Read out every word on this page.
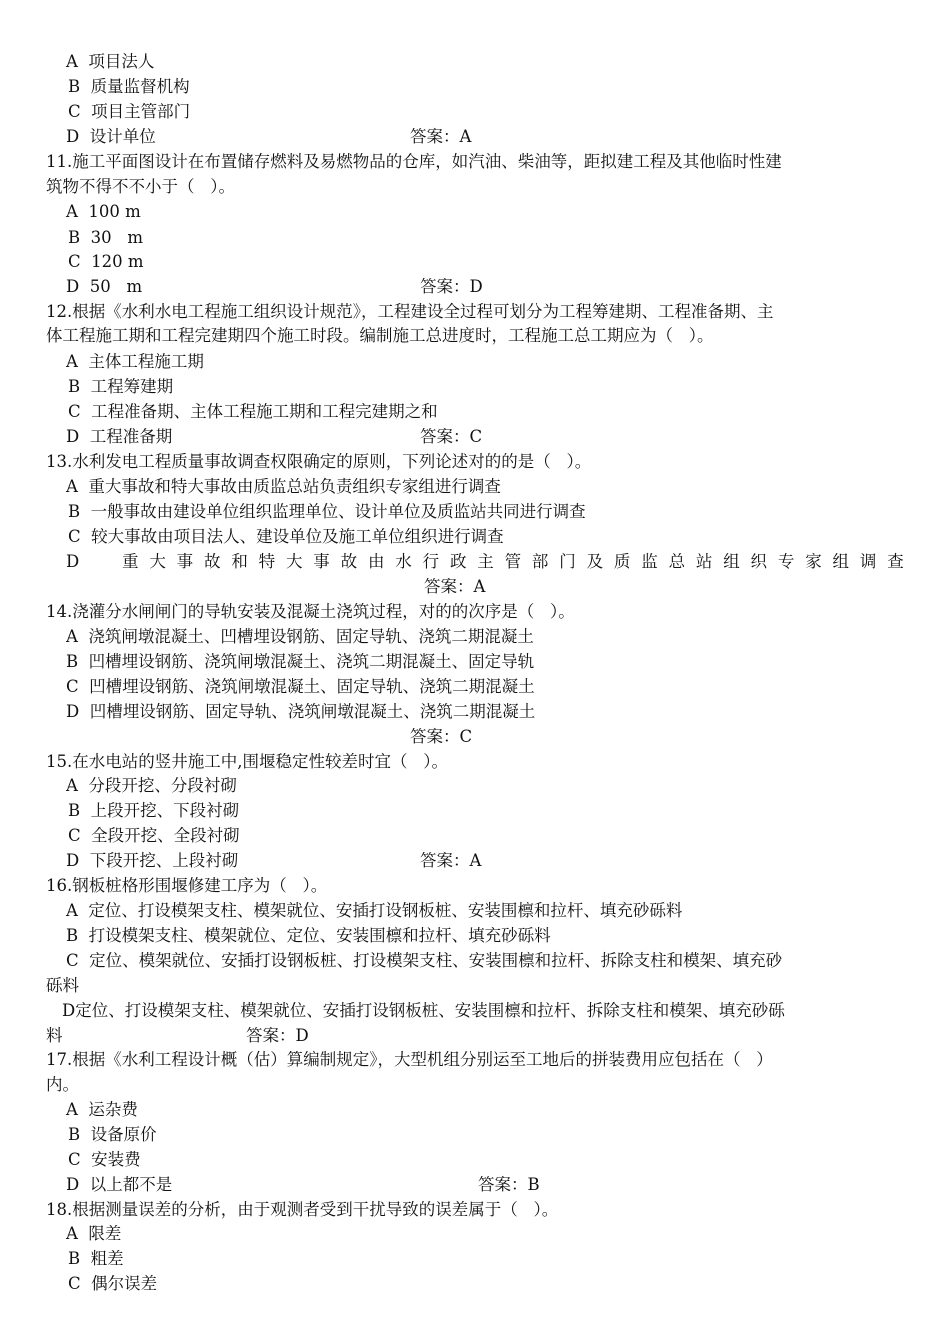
A  项目法人
B  质量监督机构
C  项目主管部门
D  设计单位	答案：A
11.施工平面图设计在布置储存燃料及易燃物品的仓库，如汽油、柴油等，距拟建工程及其他临时性建
筑物不得不不小于（   ）。
A  100 m
B  30   m
C  120 m
D  50   m	答案：D
12.根据《水利水电工程施工组织设计规范》，工程建设全过程可划分为工程筹建期、工程准备期、主
体工程施工期和工程完建期四个施工时段。编制施工总进度时，工程施工总工期应为（   ）。
A  主体工程施工期
B  工程筹建期
C  工程准备期、主体工程施工期和工程完建期之和
D  工程准备期	答案：C
13.水利发电工程质量事故调查权限确定的原则，下列论述对的的是（   ）。
A  重大事故和特大事故由质监总站负责组织专家组进行调查
B  一般事故由建设单位组织监理单位、设计单位及质监站共同进行调查
C  较大事故由项目法人、建设单位及施工单位组织进行调查
D	重 大 事 故 和 特 大 事 故 由 水 行 政 主 管 部 门 及 质 监 总 站 组 织 专 家 组 调 查
答案：A
14.浇灌分水闸闸门的导轨安装及混凝土浇筑过程，对的的次序是（   ）。
A  浇筑闸墩混凝土、凹槽埋设钢筋、固定导轨、浇筑二期混凝土
B  凹槽埋设钢筋、浇筑闸墩混凝土、浇筑二期混凝土、固定导轨
C  凹槽埋设钢筋、浇筑闸墩混凝土、固定导轨、浇筑二期混凝土
D  凹槽埋设钢筋、固定导轨、浇筑闸墩混凝土、浇筑二期混凝土
答案：C
15.在水电站的竖井施工中,围堰稳定性较差时宜（   ）。
A  分段开挖、分段衬砌
B  上段开挖、下段衬砌
C  全段开挖、全段衬砌
D  下段开挖、上段衬砌	答案：A
16.钢板桩格形围堰修建工序为（   ）。
A  定位、打设模架支柱、模架就位、安插打设钢板桩、安装围檩和拉杆、填充砂砾料
B  打设模架支柱、模架就位、定位、安装围檩和拉杆、填充砂砾料
C  定位、模架就位、安插打设钢板桩、打设模架支柱、安装围檩和拉杆、拆除支柱和模架、填充砂
砾料
D定位、打设模架支柱、模架就位、安插打设钢板桩、安装围檩和拉杆、拆除支柱和模架、填充砂砾
料	答案：D
17.根据《水利工程设计概（估）算编制规定》，大型机组分别运至工地后的拼装费用应包括在（   ）
内。
A  运杂费
B  设备原价
C  安装费
D  以上都不是	答案：B
18.根据测量误差的分析，由于观测者受到干扰导致的误差属于（   ）。
A  限差
B  粗差
C  偶尔误差
